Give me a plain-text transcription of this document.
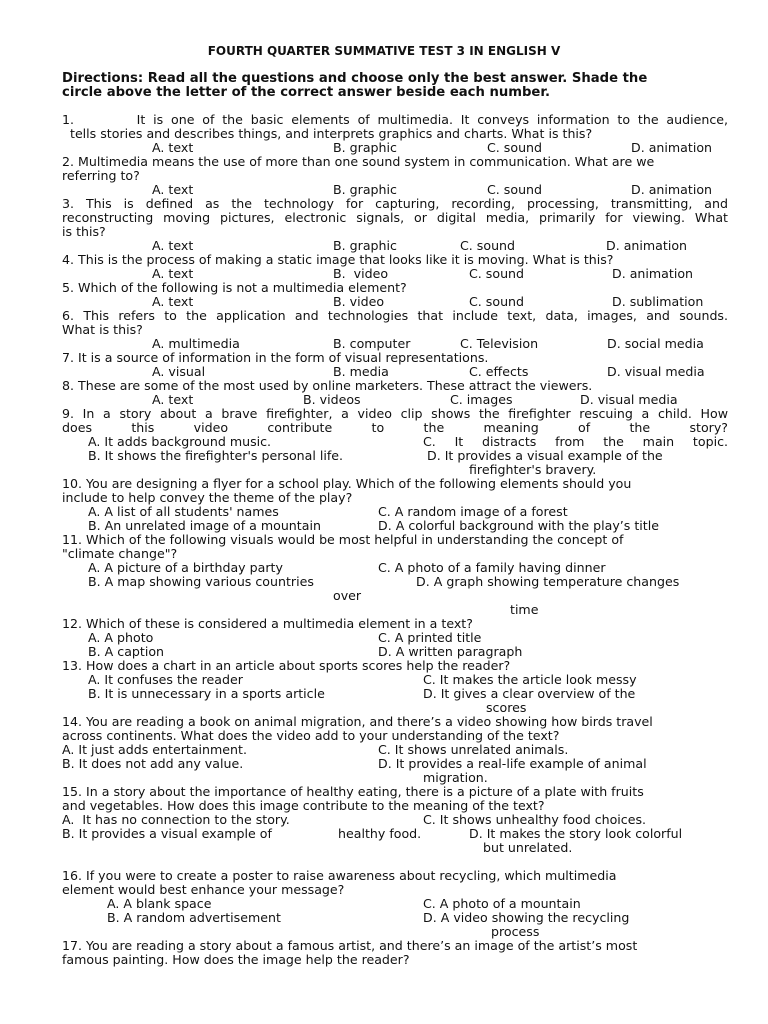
FOURTH QUARTER SUMMATIVE TEST 3 IN ENGLISH V
Directions: Read all the questions and choose only the best answer. Shade the
circle above the letter of the correct answer beside each number.
1.        It is one of the basic elements of multimedia. It conveys information to the audience,
tells stories and describes things, and interprets graphics and charts. What is this?
A. text	B. graphic	C. sound	D. animation
2. Multimedia means the use of more than one sound system in communication. What are we
referring to?
A. text	B. graphic	C. sound	D. animation
3. This is defined as the technology for capturing, recording, processing, transmitting, and
reconstructing moving pictures, electronic signals, or digital media, primarily for viewing. What
is this?
A. text	B. graphic	C. sound	D. animation
4. This is the process of making a static image that looks like it is moving. What is this?
A. text	B.  video	C. sound	D. animation
5. Which of the following is not a multimedia element?
A. text	B. video	C. sound	D. sublimation
6. This refers to the application and technologies that include text, data, images, and sounds.
What is this?
A. multimedia	B. computer	C. Television	D. social media
7. It is a source of information in the form of visual representations.
A. visual	B. media	C. effects	D. visual media
8. These are some of the most used by online marketers. These attract the viewers.
A. text	B. videos	C. images	D. visual media
9. In a story about a brave firefighter, a video clip shows the firefighter rescuing a child. How
does        this        video        contribute        to        the        meaning        of        the        story?
A. It adds background music.	C.   It   distracts   from   the   main   topic.
B. It shows the firefighter's personal life.	D. It provides a visual example of the
firefighter's bravery.
10. You are designing a flyer for a school play. Which of the following elements should you
include to help convey the theme of the play?
A. A list of all students' names	C. A random image of a forest
B. An unrelated image of a mountain	D. A colorful background with the play’s title
11. Which of the following visuals would be most helpful in understanding the concept of
"climate change"?
A. A picture of a birthday party	C. A photo of a family having dinner
B. A map showing various countries	D. A graph showing temperature changes
over
time
12. Which of these is considered a multimedia element in a text?
A. A photo	C. A printed title
B. A caption	D. A written paragraph
13. How does a chart in an article about sports scores help the reader?
A. It confuses the reader	C. It makes the article look messy
B. It is unnecessary in a sports article	D. It gives a clear overview of the
scores
14. You are reading a book on animal migration, and there’s a video showing how birds travel
across continents. What does the video add to your understanding of the text?
A. It just adds entertainment.	C. It shows unrelated animals.
B. It does not add any value.	D. It provides a real-life example of animal
migration.
15. In a story about the importance of healthy eating, there is a picture of a plate with fruits
and vegetables. How does this image contribute to the meaning of the text?
A.  It has no connection to the story.	C. It shows unhealthy food choices.
B. It provides a visual example of	healthy food.	D. It makes the story look colorful
but unrelated.
16. If you were to create a poster to raise awareness about recycling, which multimedia
element would best enhance your message?
A. A blank space	C. A photo of a mountain
B. A random advertisement	D. A video showing the recycling
process
17. You are reading a story about a famous artist, and there’s an image of the artist’s most
famous painting. How does the image help the reader?
